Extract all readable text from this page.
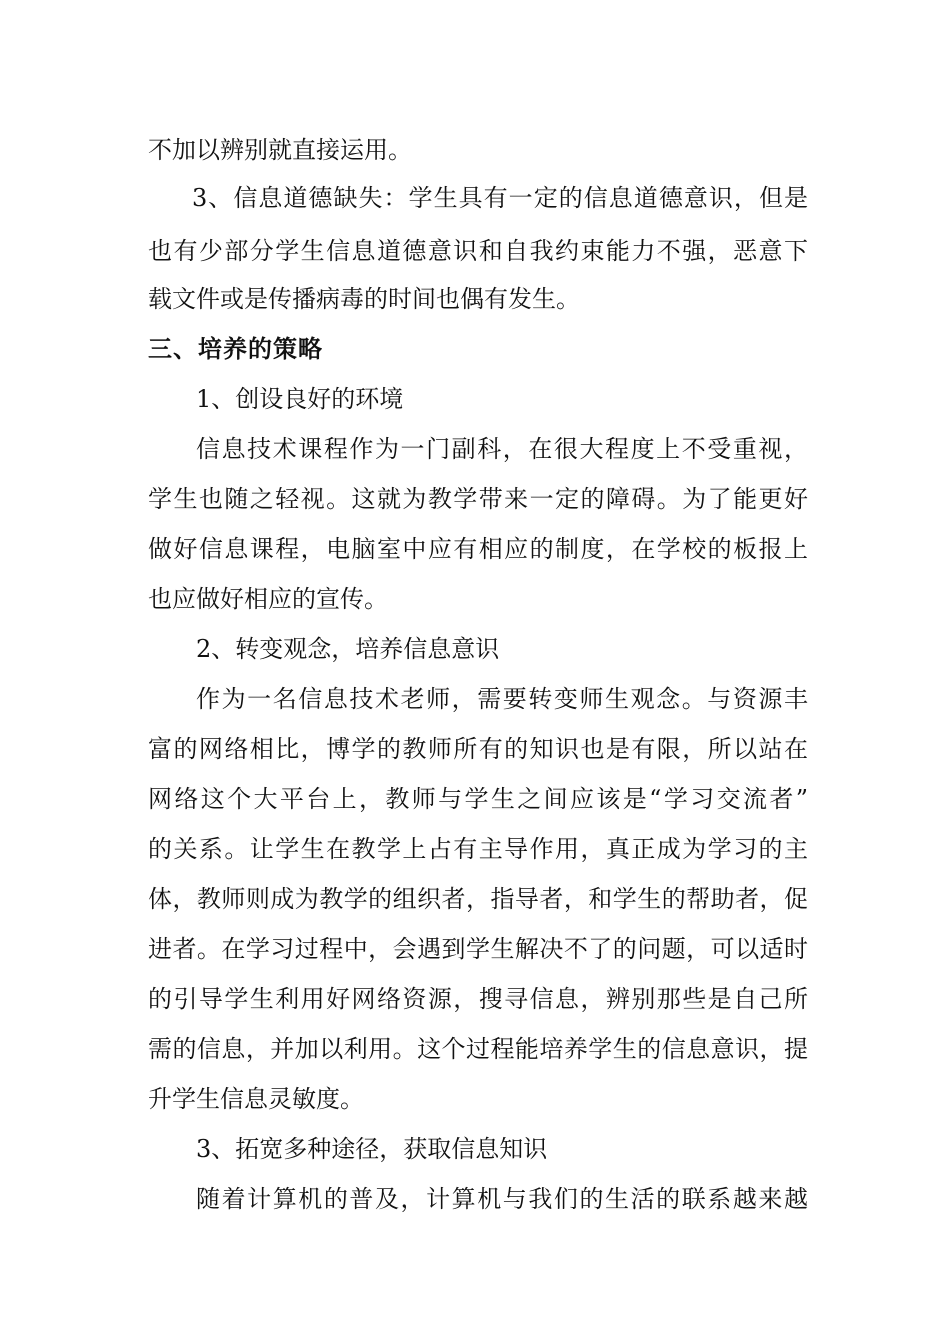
不加以辨别就直接运用。
3、信息道德缺失：学生具有一定的信息道德意识，但是
也有少部分学生信息道德意识和自我约束能力不强，恶意下
载文件或是传播病毒的时间也偶有发生。
三、培养的策略
1、创设良好的环境
信息技术课程作为一门副科，在很大程度上不受重视，
学生也随之轻视。这就为教学带来一定的障碍。为了能更好
做好信息课程，电脑室中应有相应的制度，在学校的板报上
也应做好相应的宣传。
2、转变观念，培养信息意识
作为一名信息技术老师，需要转变师生观念。与资源丰
富的网络相比，博学的教师所有的知识也是有限，所以站在
网络这个大平台上，教师与学生之间应该是“学习交流者”
的关系。让学生在教学上占有主导作用，真正成为学习的主
体，教师则成为教学的组织者，指导者，和学生的帮助者，促
进者。在学习过程中，会遇到学生解决不了的问题，可以适时
的引导学生利用好网络资源，搜寻信息，辨别那些是自己所
需的信息，并加以利用。这个过程能培养学生的信息意识，提
升学生信息灵敏度。
3、拓宽多种途径，获取信息知识
随着计算机的普及，计算机与我们的生活的联系越来越
